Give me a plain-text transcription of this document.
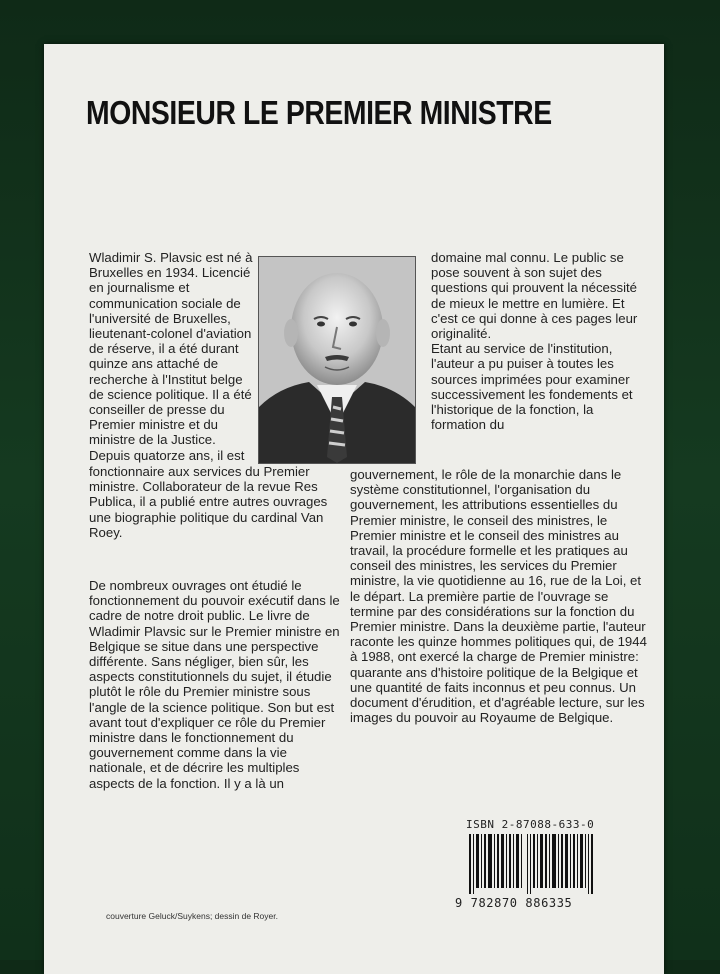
MONSIEUR LE PREMIER MINISTRE

Wladimir S. Plavsic est né à Bruxelles en 1934. Licencié en journalisme et communication sociale de l'université de Bruxelles, lieutenant-colonel d'aviation de réserve, il a été durant quinze ans attaché de recherche à l'Institut belge de science politique. Il a été conseiller de presse du Premier ministre et du ministre de la Justice. Depuis quatorze ans, il est

fonctionnaire aux services du Premier ministre. Collaborateur de la revue Res Publica, il a publié entre autres ouvrages une biographie politique du cardinal Van Roey.

De nombreux ouvrages ont étudié le fonctionnement du pouvoir exécutif dans le cadre de notre droit public. Le livre de Wladimir Plavsic sur le Premier ministre en Belgique se situe dans une perspective différente. Sans négliger, bien sûr, les aspects constitutionnels du sujet, il étudie plutôt le rôle du Premier ministre sous l'angle de la science politique. Son but est avant tout d'expliquer ce rôle du Premier ministre dans le fonctionnement du gouvernement comme dans la vie nationale, et de décrire les multiples aspects de la fonction. Il y a là un

domaine mal connu. Le public se pose souvent à son sujet des questions qui prouvent la nécessité de mieux le mettre en lumière. Et c'est ce qui donne à ces pages leur originalité.

Etant au service de l'institution, l'auteur a pu puiser à toutes les sources imprimées pour examiner successivement les fondements et l'historique de la fonction, la formation du

gouvernement, le rôle de la monarchie dans le système constitutionnel, l'organisation du gouvernement, les attributions essentielles du Premier ministre, le conseil des ministres, le Premier ministre et le conseil des ministres au travail, la procédure formelle et les pratiques au conseil des ministres, les services du Premier ministre, la vie quotidienne au 16, rue de la Loi, et le départ. La première partie de l'ouvrage se termine par des considérations sur la fonction du Premier ministre. Dans la deuxième partie, l'auteur raconte les quinze hommes politiques qui, de 1944 à 1988, ont exercé la charge de Premier ministre: quarante ans d'histoire politique de la Belgique et une quantité de faits inconnus et peu connus. Un document d'érudition, et d'agréable lecture, sur les images du pouvoir au Royaume de Belgique.

ISBN 2-87088-633-0
9 782870 886335
couverture Geluck/Suykens; dessin de Royer.
